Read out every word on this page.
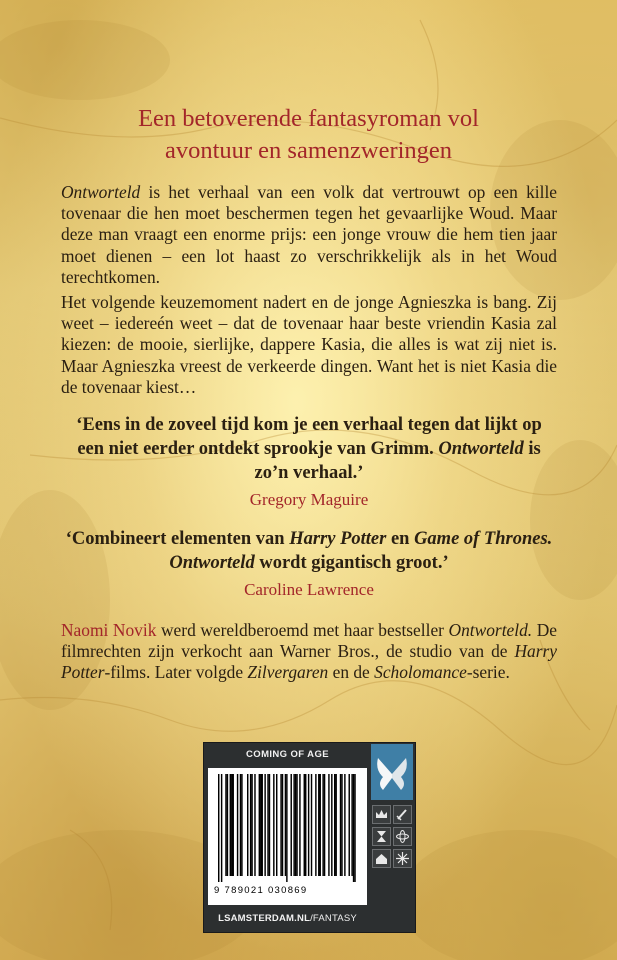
Een betoverende fantasyroman vol
avontuur en samenzweringen

Ontworteld is het verhaal van een volk dat vertrouwt op een kille tovenaar die hen moet beschermen tegen het gevaarlijke Woud. Maar deze man vraagt een enorme prijs: een jonge vrouw die hem tien jaar moet dienen – een lot haast zo verschrikkelijk als in het Woud terechtkomen.

Het volgende keuzemoment nadert en de jonge Agnieszka is bang. Zij weet – iedereén weet – dat de tovenaar haar beste vriendin Kasia zal kiezen: de mooie, sierlijke, dappere Kasia, die alles is wat zij niet is. Maar Agnieszka vreest de verkeerde dingen. Want het is niet Kasia die de tovenaar kiest…

‘Eens in de zoveel tijd kom je een verhaal tegen dat lijkt op een niet eerder ontdekt sprookje van Grimm. Ontworteld is zo’n verhaal.’
Gregory Maguire

‘Combineert elementen van Harry Potter en Game of Thrones. Ontworteld wordt gigantisch groot.’
Caroline Lawrence

Naomi Novik werd wereldberoemd met haar bestseller Ontworteld. De filmrechten zijn verkocht aan Warner Bros., de studio van de Harry Potter-films. Later volgde Zilvergaren en de Scholomance-serie.

COMING OF AGE
9 789021 030869
LSAMSTERDAM.NL/FANTASY
